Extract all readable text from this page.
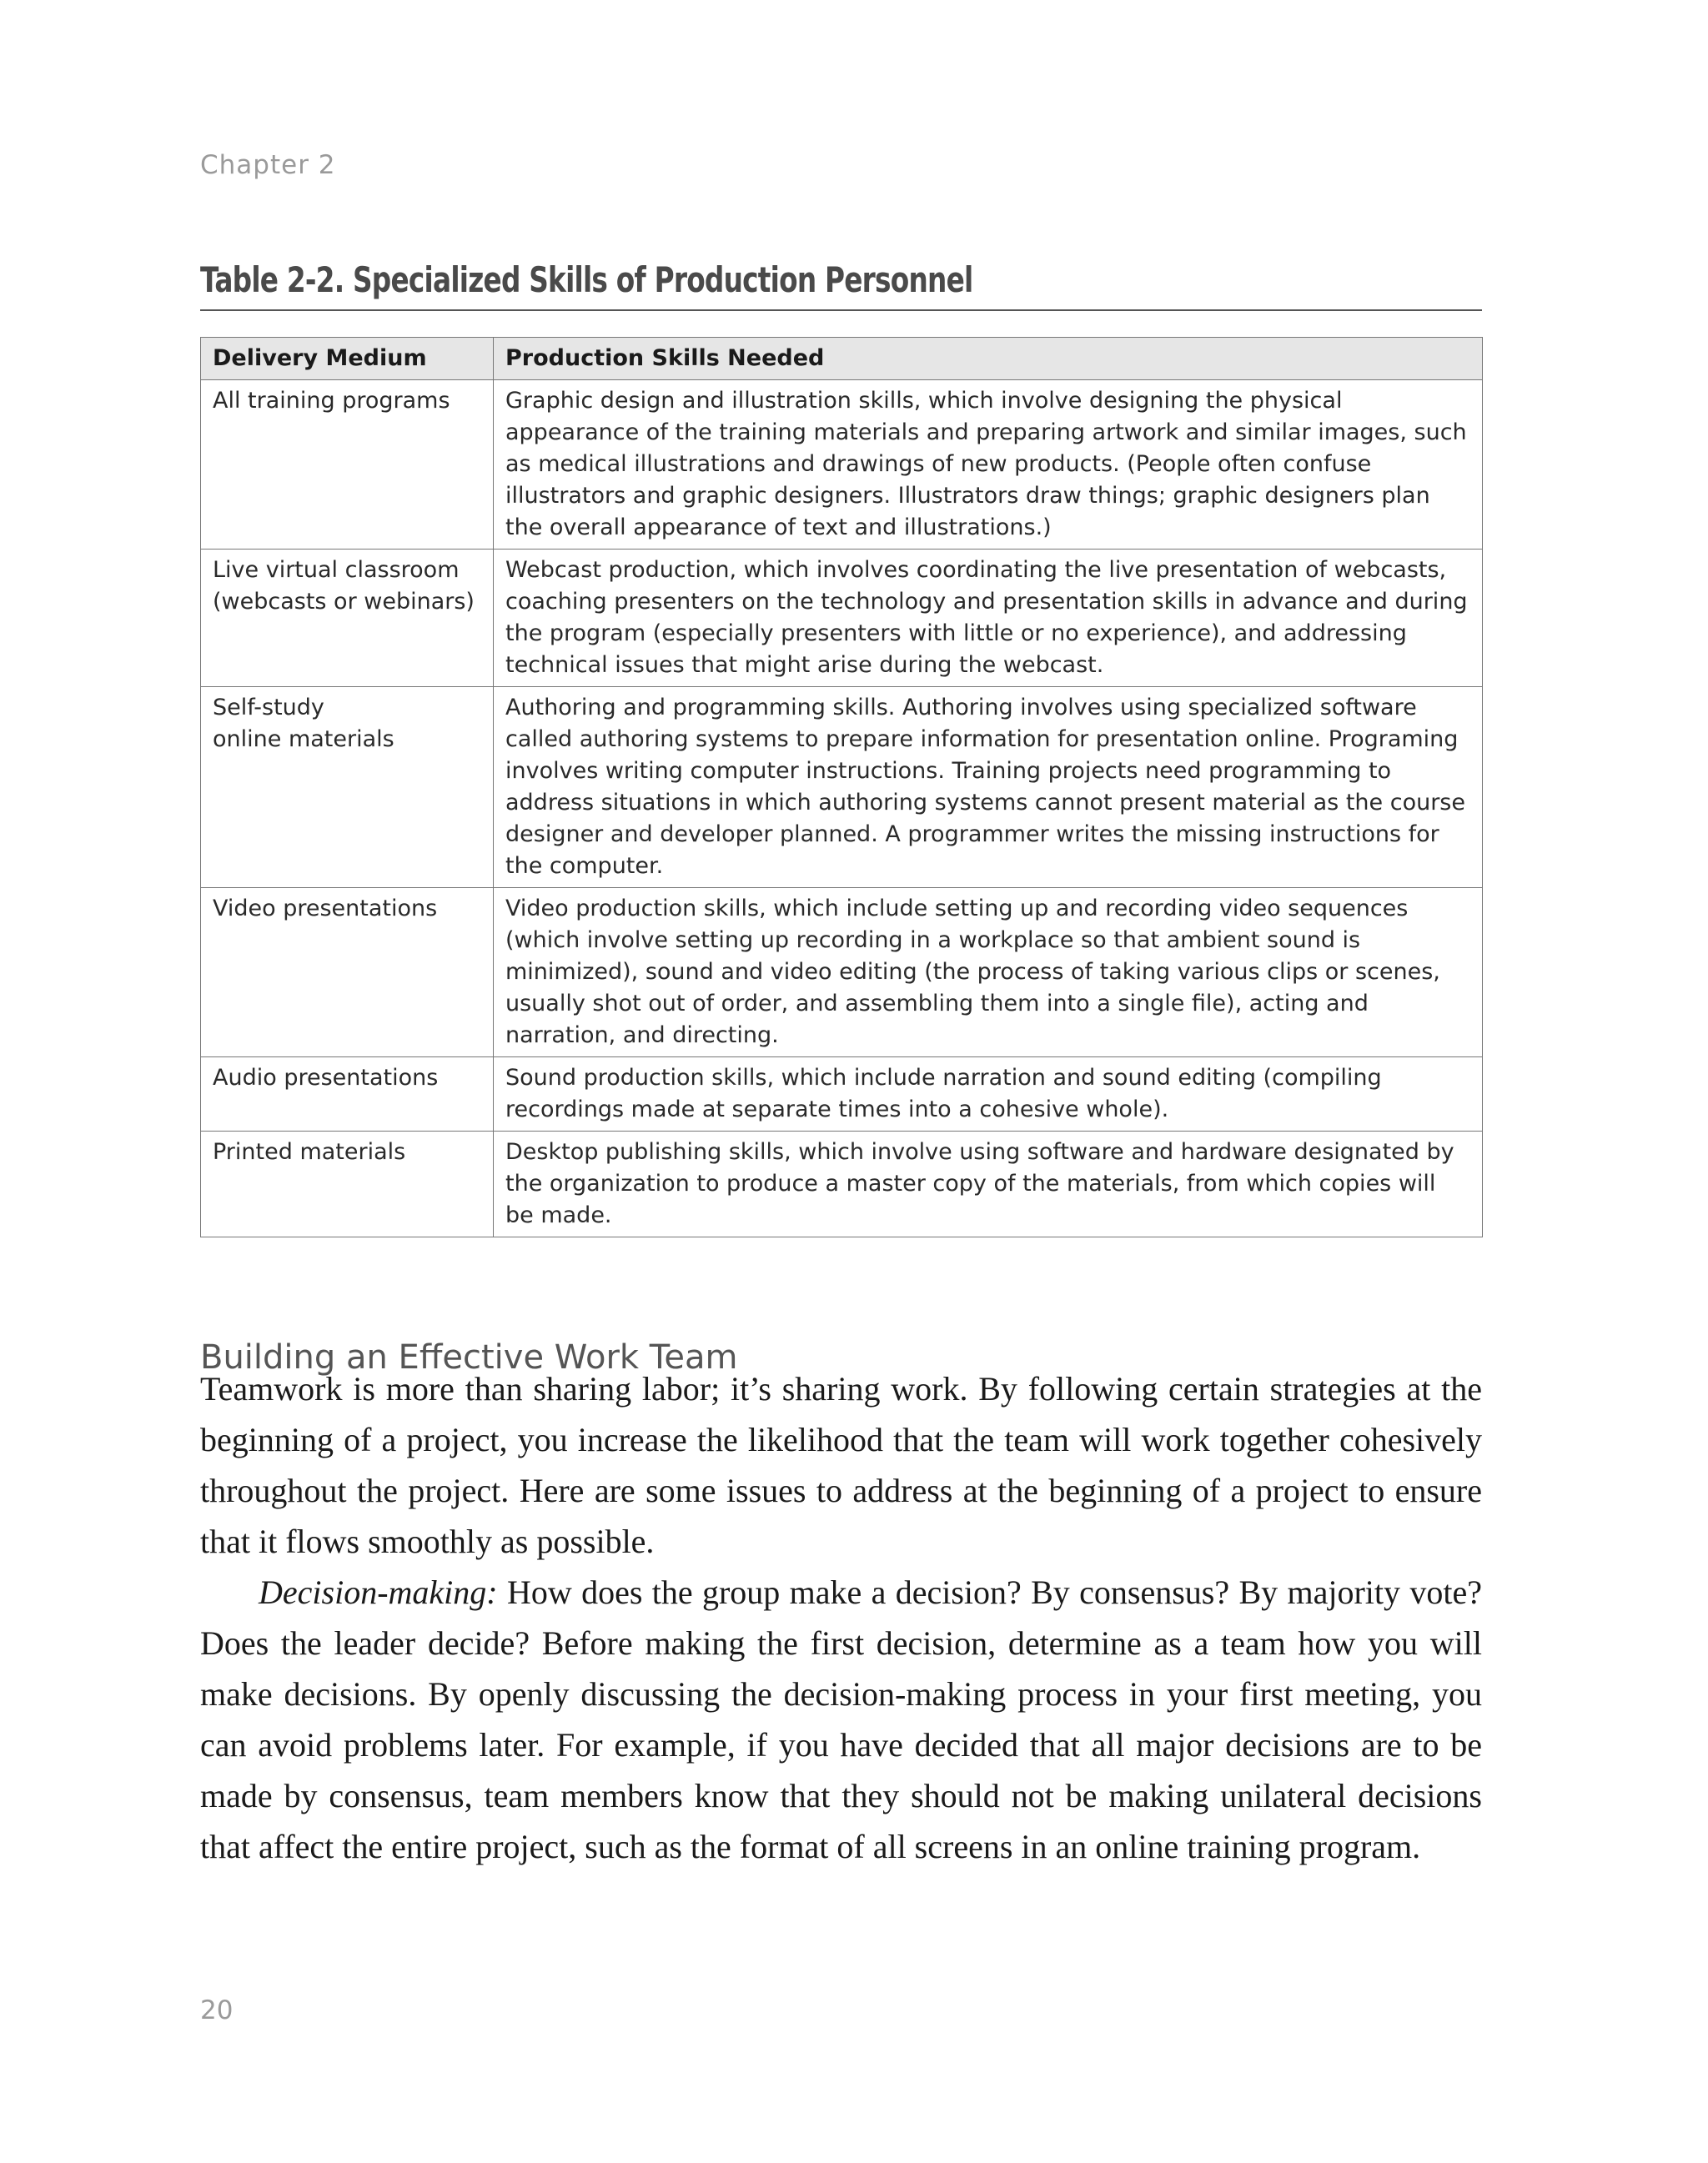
Chapter 2
Table 2-2. Specialized Skills of Production Personnel
Delivery Medium	Production Skills Needed
All training programs	Graphic design and illustration skills, which involve designing the physical appearance of the training materials and preparing artwork and similar images, such as medical illustrations and drawings of new products. (People often confuse illustrators and graphic designers. Illustrators draw things; graphic designers plan the overall appearance of text and illustrations.)
Live virtual classroom
(webcasts or webinars)	Webcast production, which involves coordinating the live presentation of webcasts, coaching presenters on the technology and presentation skills in advance and during the program (especially presenters with little or no experience), and addressing technical issues that might arise during the webcast.
Self-study
online materials	Authoring and programming skills. Authoring involves using specialized software called authoring systems to prepare information for presentation online. Programing involves writing computer instructions. Training projects need programming to address situations in which authoring systems cannot present material as the course designer and developer planned. A programmer writes the missing instructions for the computer.
Video presentations	Video production skills, which include setting up and recording video sequences (which involve setting up recording in a workplace so that ambient sound is minimized), sound and video editing (the process of taking various clips or scenes, usually shot out of order, and assembling them into a single file), acting and narration, and directing.
Audio presentations	Sound production skills, which include narration and sound editing (compiling recordings made at separate times into a cohesive whole).
Printed materials	Desktop publishing skills, which involve using software and hardware designated by the organization to produce a master copy of the materials, from which copies will be made.
Building an Effective Work Team

Teamwork is more than sharing labor; it’s sharing work. By following certain strategies at the beginning of a project, you increase the likelihood that the team will work together cohesively throughout the project. Here are some issues to address at the beginning of a project to ensure that it flows smoothly as possible.

Decision-making: How does the group make a decision? By consensus? By majority vote? Does the leader decide? Before making the first decision, determine as a team how you will make decisions. By openly discussing the decision-making process in your first meeting, you can avoid problems later. For example, if you have decided that all major decisions are to be made by consensus, team members know that they should not be making unilateral decisions that affect the entire project, such as the format of all screens in an online training program.

20
